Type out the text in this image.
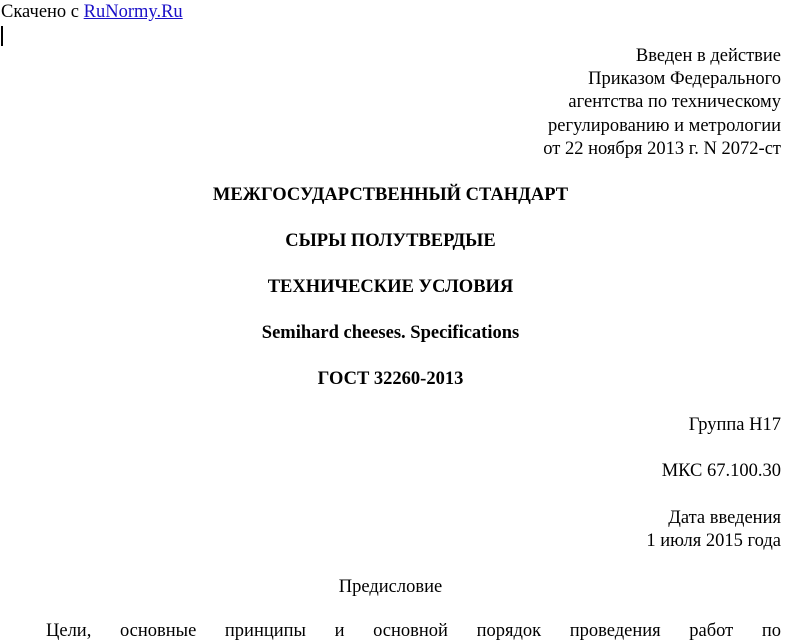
Скачено с RuNormy.Ru
Введен в действие
Приказом Федерального
агентства по техническому
регулированию и метрологии
от 22 ноября 2013 г. N 2072-ст
МЕЖГОСУДАРСТВЕННЫЙ СТАНДАРТ
СЫРЫ ПОЛУТВЕРДЫЕ
ТЕХНИЧЕСКИЕ УСЛОВИЯ
Semihard cheeses. Specifications
ГОСТ 32260-2013
Группа Н17
МКС 67.100.30
Дата введения
1 июля 2015 года
Предисловие
Цели, основные принципы и основной порядок проведения работ по
